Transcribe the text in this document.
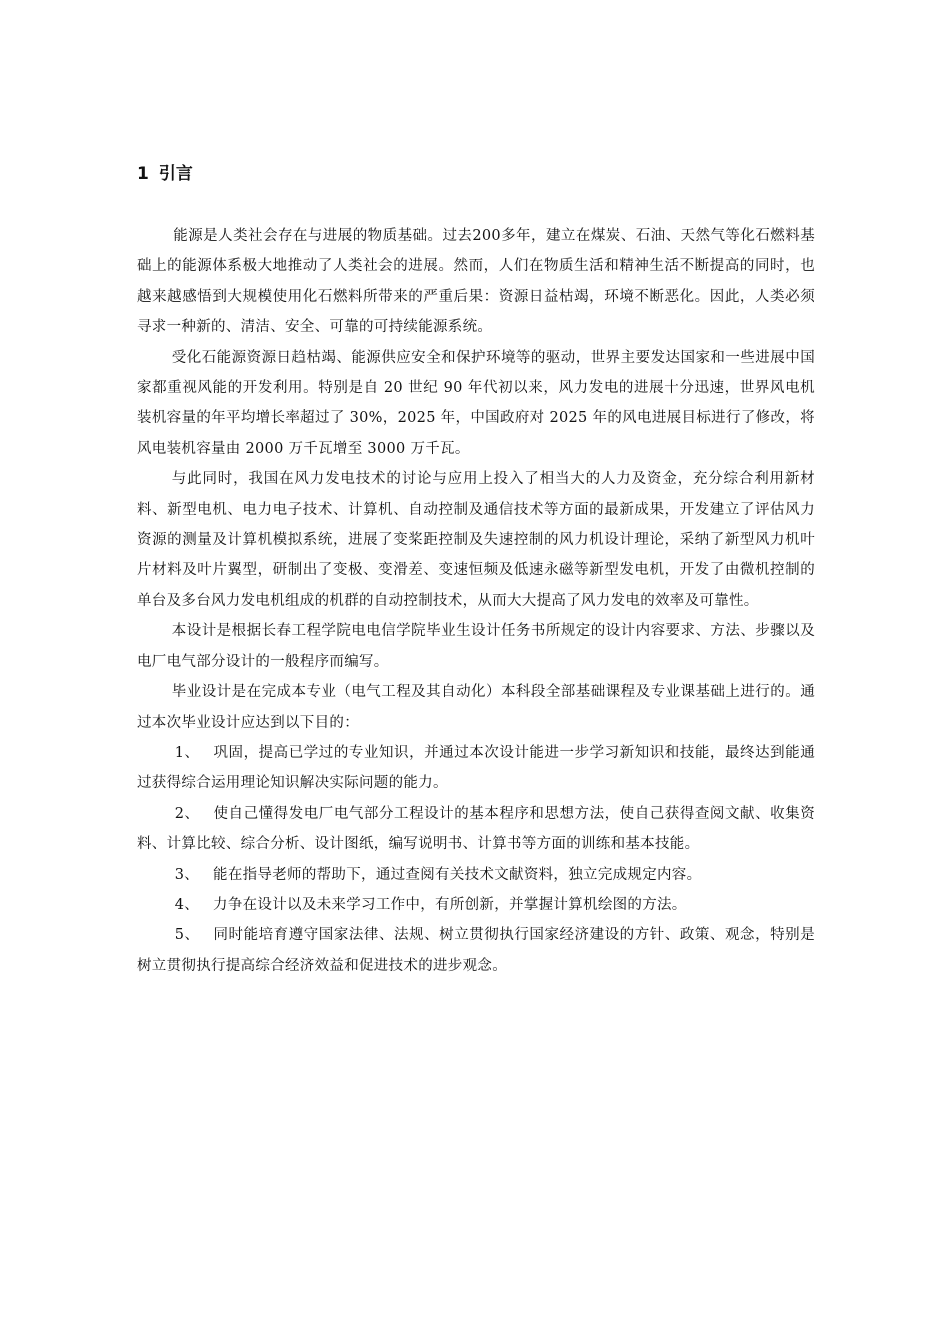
1 引言

能源是人类社会存在与进展的物质基础。过去200多年，建立在煤炭、石油、天然气等化石燃料基础上的能源体系极大地推动了人类社会的进展。然而，人们在物质生活和精神生活不断提高的同时，也越来越感悟到大规模使用化石燃料所带来的严重后果：资源日益枯竭，环境不断恶化。因此，人类必须寻求一种新的、清洁、安全、可靠的可持续能源系统。

受化石能源资源日趋枯竭、能源供应安全和保护环境等的驱动，世界主要发达国家和一些进展中国家都重视风能的开发利用。特别是自 20 世纪 90 年代初以来，风力发电的进展十分迅速，世界风电机装机容量的年平均增长率超过了 30%，2025 年，中国政府对 2025 年的风电进展目标进行了修改，将风电装机容量由 2000 万千瓦增至 3000 万千瓦。

与此同时，我国在风力发电技术的讨论与应用上投入了相当大的人力及资金，充分综合利用新材料、新型电机、电力电子技术、计算机、自动控制及通信技术等方面的最新成果，开发建立了评估风力资源的测量及计算机模拟系统，进展了变桨距控制及失速控制的风力机设计理论，采纳了新型风力机叶片材料及叶片翼型，研制出了变极、变滑差、变速恒频及低速永磁等新型发电机，开发了由微机控制的单台及多台风力发电机组成的机群的自动控制技术，从而大大提高了风力发电的效率及可靠性。

本设计是根据长春工程学院电电信学院毕业生设计任务书所规定的设计内容要求、方法、步骤以及电厂电气部分设计的一般程序而编写。

毕业设计是在完成本专业（电气工程及其自动化）本科段全部基础课程及专业课基础上进行的。通过本次毕业设计应达到以下目的：

1、 巩固，提高已学过的专业知识，并通过本次设计能进一步学习新知识和技能，最终达到能通过获得综合运用理论知识解决实际问题的能力。

2、 使自己懂得发电厂电气部分工程设计的基本程序和思想方法，使自己获得查阅文献、收集资料、计算比较、综合分析、设计图纸，编写说明书、计算书等方面的训练和基本技能。

3、 能在指导老师的帮助下，通过查阅有关技术文献资料，独立完成规定内容。

4、 力争在设计以及未来学习工作中，有所创新，并掌握计算机绘图的方法。

5、 同时能培育遵守国家法律、法规、树立贯彻执行国家经济建设的方针、政策、观念，特别是树立贯彻执行提高综合经济效益和促进技术的进步观念。
